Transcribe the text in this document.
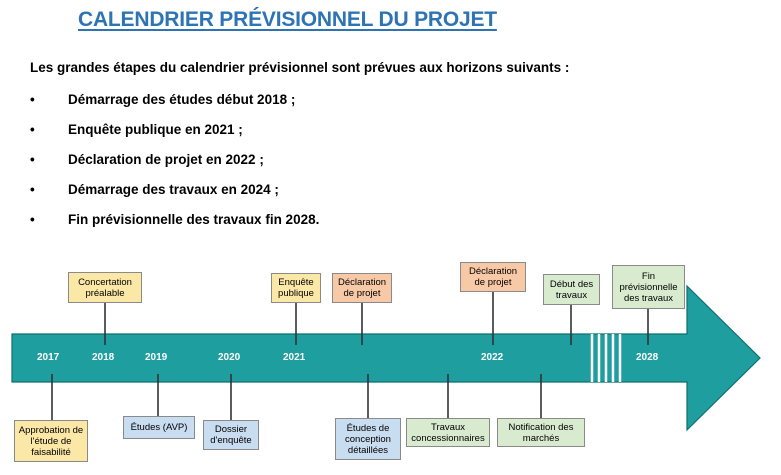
CALENDRIER PRÉVISIONNEL DU PROJET

Les grandes étapes du calendrier prévisionnel sont prévues aux horizons suivants :

•	Démarrage des études début 2018 ;
•	Enquête publique en 2021 ;
•	Déclaration de projet en 2022 ;
•	Démarrage des travaux en 2024 ;
•	Fin prévisionnelle des travaux fin 2028.
2017	2018	2019	2020	2021	2022	2028
Concertation préalable
Enquête publique
Déclaration de projet
Déclaration de projet	Début des travaux
Fin prévisionnelle des travaux
Approbation de l'étude de faisabilité
Études (AVP)	Dossier d'enquête
Études de conception détaillées
Travaux concessionnaires
Notification des marchés
